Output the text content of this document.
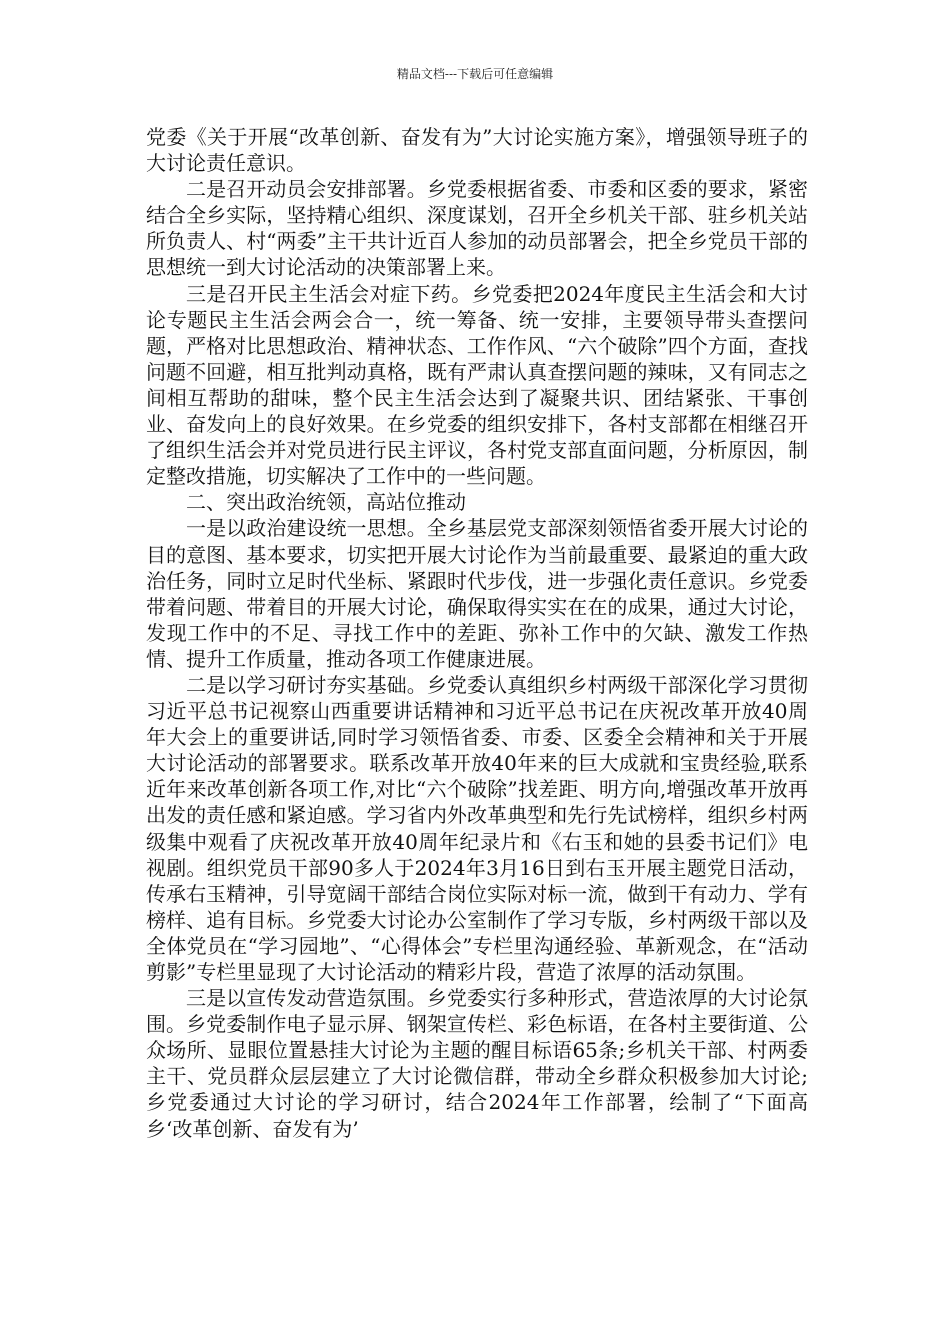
精品文档---下载后可任意编辑

党委《关于开展“改革创新、奋发有为”大讨论实施方案》，增强领导班子的大讨论责任意识。

二是召开动员会安排部署。乡党委根据省委、市委和区委的要求，紧密结合全乡实际，坚持精心组织、深度谋划，召开全乡机关干部、驻乡机关站所负责人、村“两委”主干共计近百人参加的动员部署会，把全乡党员干部的思想统一到大讨论活动的决策部署上来。

三是召开民主生活会对症下药。乡党委把2024年度民主生活会和大讨论专题民主生活会两会合一，统一筹备、统一安排，主要领导带头查摆问题，严格对比思想政治、精神状态、工作作风、“六个破除”四个方面，查找问题不回避，相互批判动真格，既有严肃认真查摆问题的辣味，又有同志之间相互帮助的甜味，整个民主生活会达到了凝聚共识、团结紧张、干事创业、奋发向上的良好效果。在乡党委的组织安排下，各村支部都在相继召开了组织生活会并对党员进行民主评议，各村党支部直面问题，分析原因，制定整改措施，切实解决了工作中的一些问题。

二、突出政治统领，高站位推动

一是以政治建设统一思想。全乡基层党支部深刻领悟省委开展大讨论的目的意图、基本要求，切实把开展大讨论作为当前最重要、最紧迫的重大政治任务，同时立足时代坐标、紧跟时代步伐，进一步强化责任意识。乡党委带着问题、带着目的开展大讨论，确保取得实实在在的成果，通过大讨论，发现工作中的不足、寻找工作中的差距、弥补工作中的欠缺、激发工作热情、提升工作质量，推动各项工作健康进展。

二是以学习研讨夯实基础。乡党委认真组织乡村两级干部深化学习贯彻习近平总书记视察山西重要讲话精神和习近平总书记在庆祝改革开放40周年大会上的重要讲话,同时学习领悟省委、市委、区委全会精神和关于开展大讨论活动的部署要求。联系改革开放40年来的巨大成就和宝贵经验,联系近年来改革创新各项工作,对比“六个破除”找差距、明方向,增强改革开放再出发的责任感和紧迫感。学习省内外改革典型和先行先试榜样，组织乡村两级集中观看了庆祝改革开放40周年纪录片和《右玉和她的县委书记们》电视剧。组织党员干部90多人于2024年3月16日到右玉开展主题党日活动，传承右玉精神，引导宽阔干部结合岗位实际对标一流，做到干有动力、学有榜样、追有目标。乡党委大讨论办公室制作了学习专版，乡村两级干部以及全体党员在“学习园地”、“心得体会”专栏里沟通经验、革新观念，在“活动剪影”专栏里显现了大讨论活动的精彩片段，营造了浓厚的活动氛围。

三是以宣传发动营造氛围。乡党委实行多种形式，营造浓厚的大讨论氛围。乡党委制作电子显示屏、钢架宣传栏、彩色标语，在各村主要街道、公众场所、显眼位置悬挂大讨论为主题的醒目标语65条;乡机关干部、村两委主干、党员群众层层建立了大讨论微信群，带动全乡群众积极参加大讨论;乡党委通过大讨论的学习研讨，结合2024年工作部署，绘制了“下面高乡‘改革创新、奋发有为’
